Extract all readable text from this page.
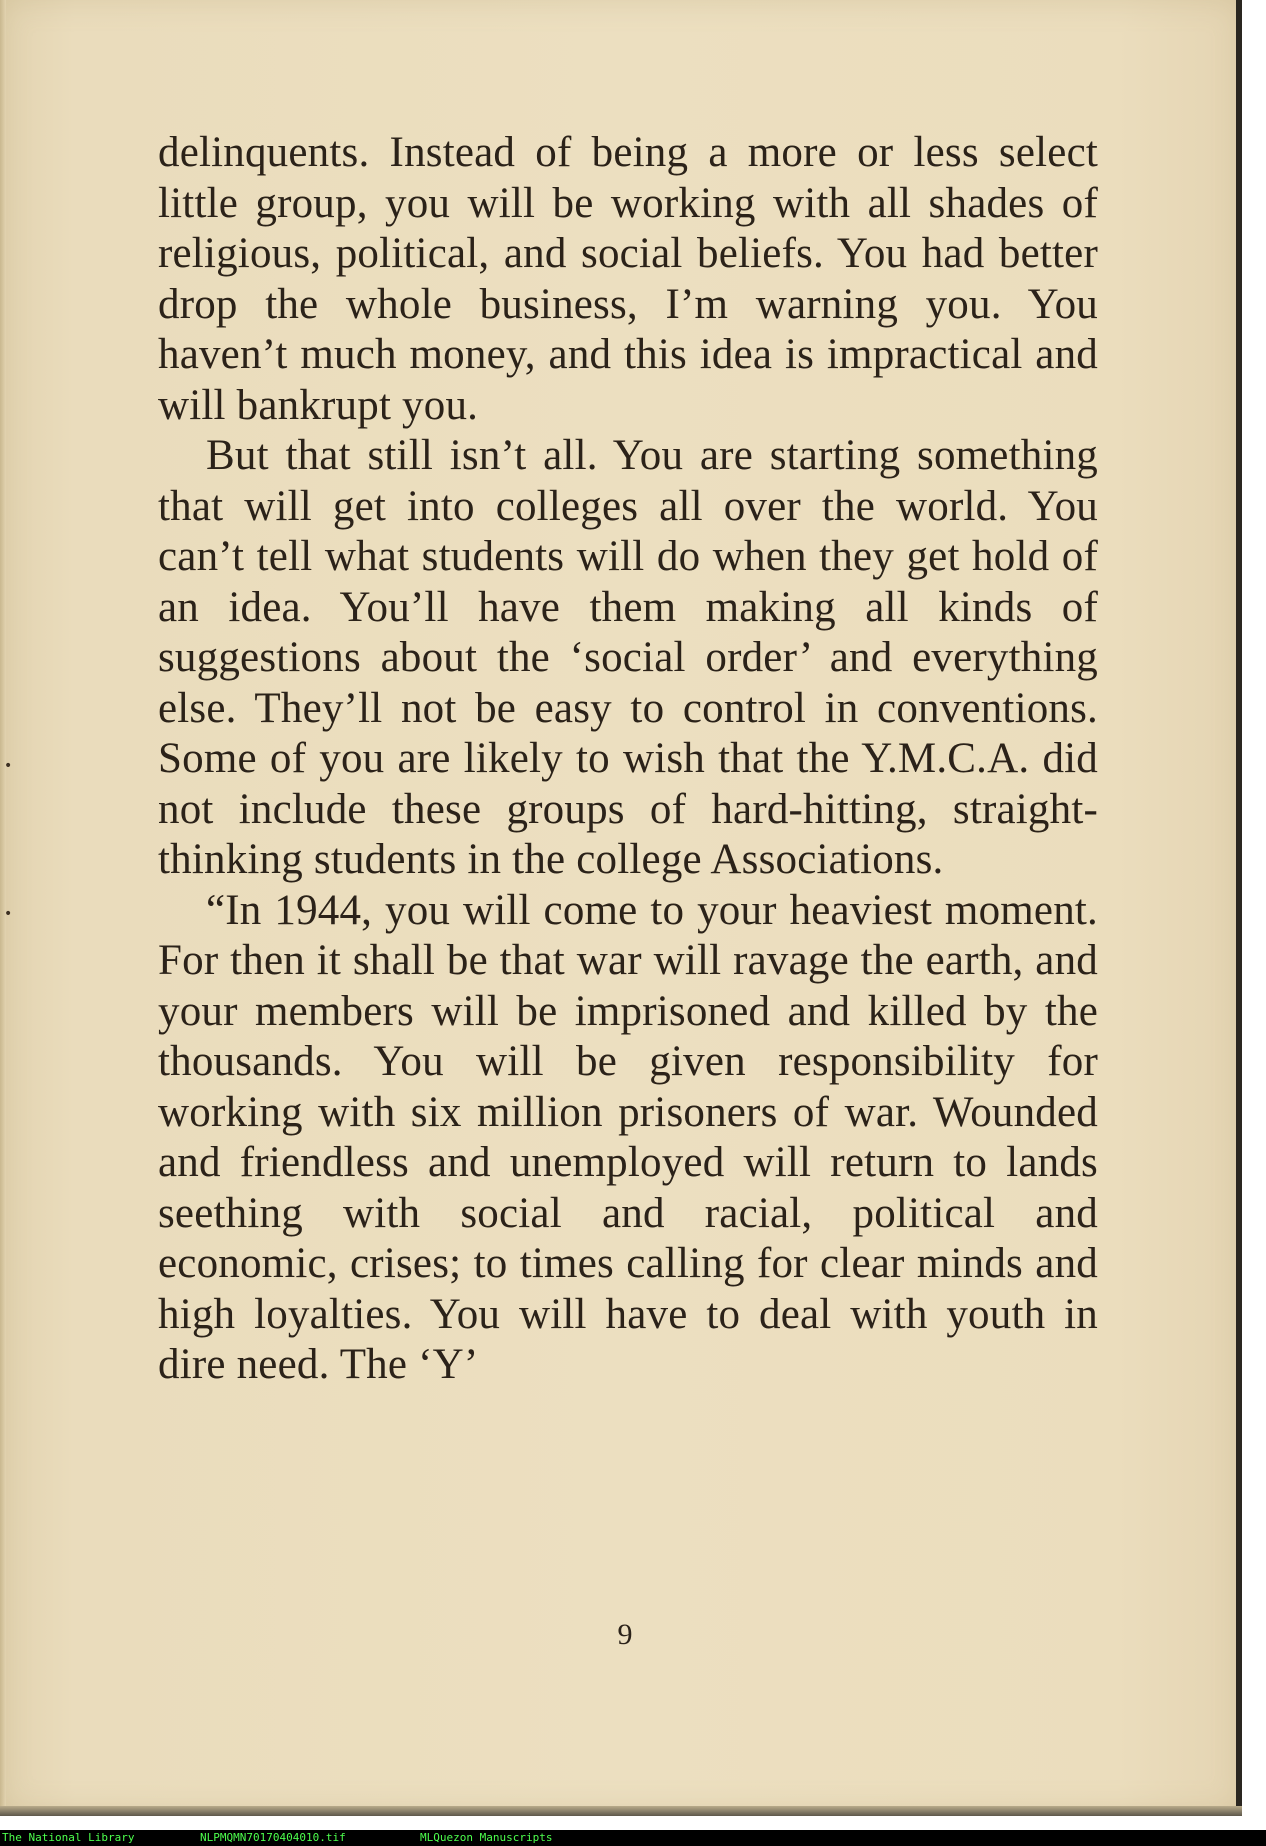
•
•

delinquents. Instead of being a more or less select little group, you will be working with all shades of religious, political, and social beliefs. You had better drop the whole business, I’m warning you. You haven’t much money, and this idea is impractical and will bankrupt you.

But that still isn’t all. You are starting something that will get into colleges all over the world. You can’t tell what students will do when they get hold of an idea. You’ll have them making all kinds of suggestions about the ‘social order’ and everything else. They’ll not be easy to control in conventions. Some of you are likely to wish that the Y.M.C.A. did not include these groups of hard-hitting, straight-thinking students in the college Associations.

“In 1944, you will come to your heaviest moment. For then it shall be that war will ravage the earth, and your members will be imprisoned and killed by the thousands. You will be given responsibility for working with six million prisoners of war. Wounded and friendless and unemployed will return to lands seething with social and racial, political and economic, crises; to times calling for clear minds and high loyalties. You will have to deal with youth in dire need. The ‘Y’

9

The National Library

	NLPMQMN70170404010.tif

	MLQuezon Manuscripts
